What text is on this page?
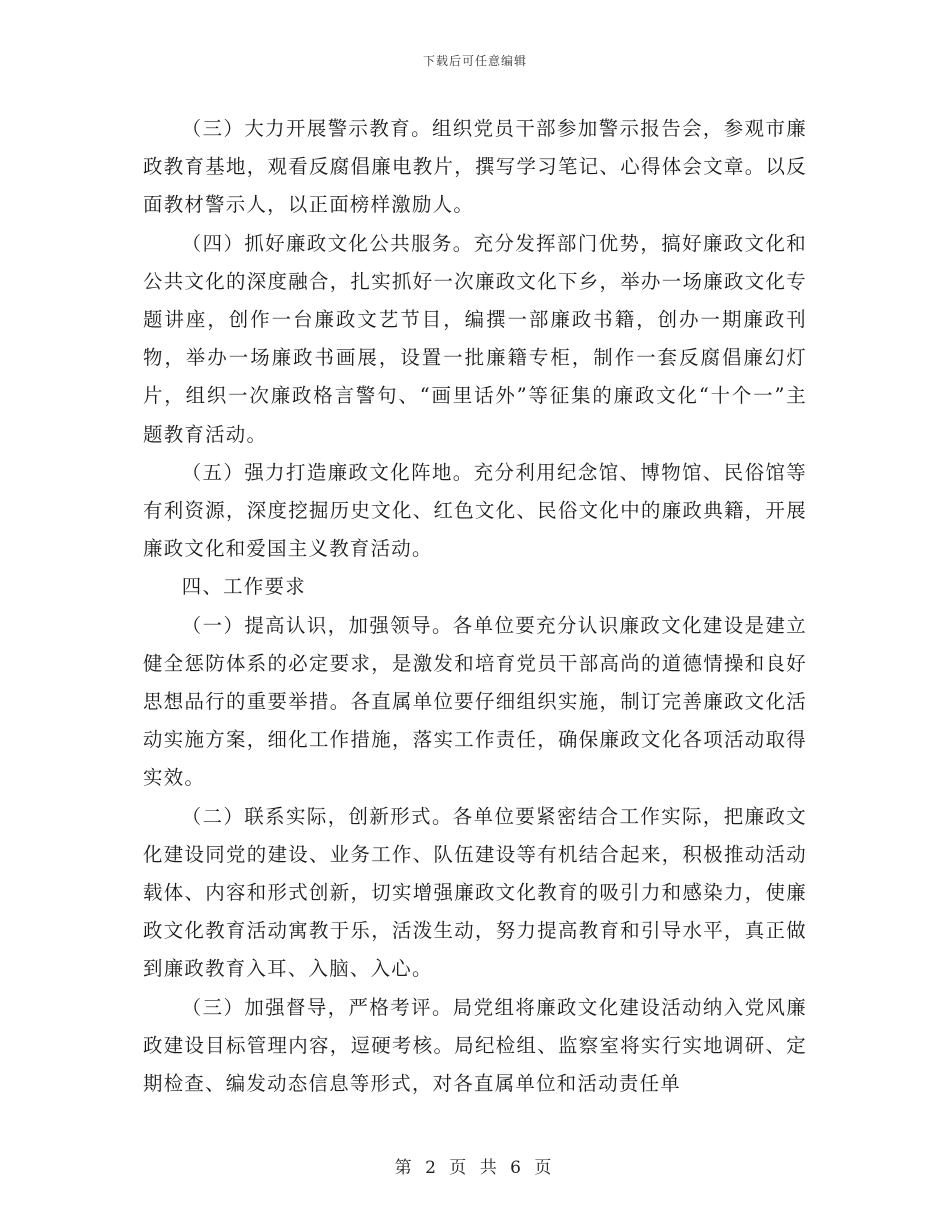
下载后可任意编辑

（三）大力开展警示教育。组织党员干部参加警示报告会，参观市廉政教育基地，观看反腐倡廉电教片，撰写学习笔记、心得体会文章。以反面教材警示人，以正面榜样激励人。

（四）抓好廉政文化公共服务。充分发挥部门优势，搞好廉政文化和公共文化的深度融合，扎实抓好一次廉政文化下乡，举办一场廉政文化专题讲座，创作一台廉政文艺节目，编撰一部廉政书籍，创办一期廉政刊物，举办一场廉政书画展，设置一批廉籍专柜，制作一套反腐倡廉幻灯片，组织一次廉政格言警句、“画里话外”等征集的廉政文化“十个一”主题教育活动。

（五）强力打造廉政文化阵地。充分利用纪念馆、博物馆、民俗馆等有利资源，深度挖掘历史文化、红色文化、民俗文化中的廉政典籍，开展廉政文化和爱国主义教育活动。

四、工作要求

（一）提高认识，加强领导。各单位要充分认识廉政文化建设是建立健全惩防体系的必定要求，是激发和培育党员干部高尚的道德情操和良好思想品行的重要举措。各直属单位要仔细组织实施，制订完善廉政文化活动实施方案，细化工作措施，落实工作责任，确保廉政文化各项活动取得实效。

（二）联系实际，创新形式。各单位要紧密结合工作实际，把廉政文化建设同党的建设、业务工作、队伍建设等有机结合起来，积极推动活动载体、内容和形式创新，切实增强廉政文化教育的吸引力和感染力，使廉政文化教育活动寓教于乐，活泼生动，努力提高教育和引导水平，真正做到廉政教育入耳、入脑、入心。

（三）加强督导，严格考评。局党组将廉政文化建设活动纳入党风廉政建设目标管理内容，逗硬考核。局纪检组、监察室将实行实地调研、定期检查、编发动态信息等形式，对各直属单位和活动责任单

第 2 页 共 6 页
